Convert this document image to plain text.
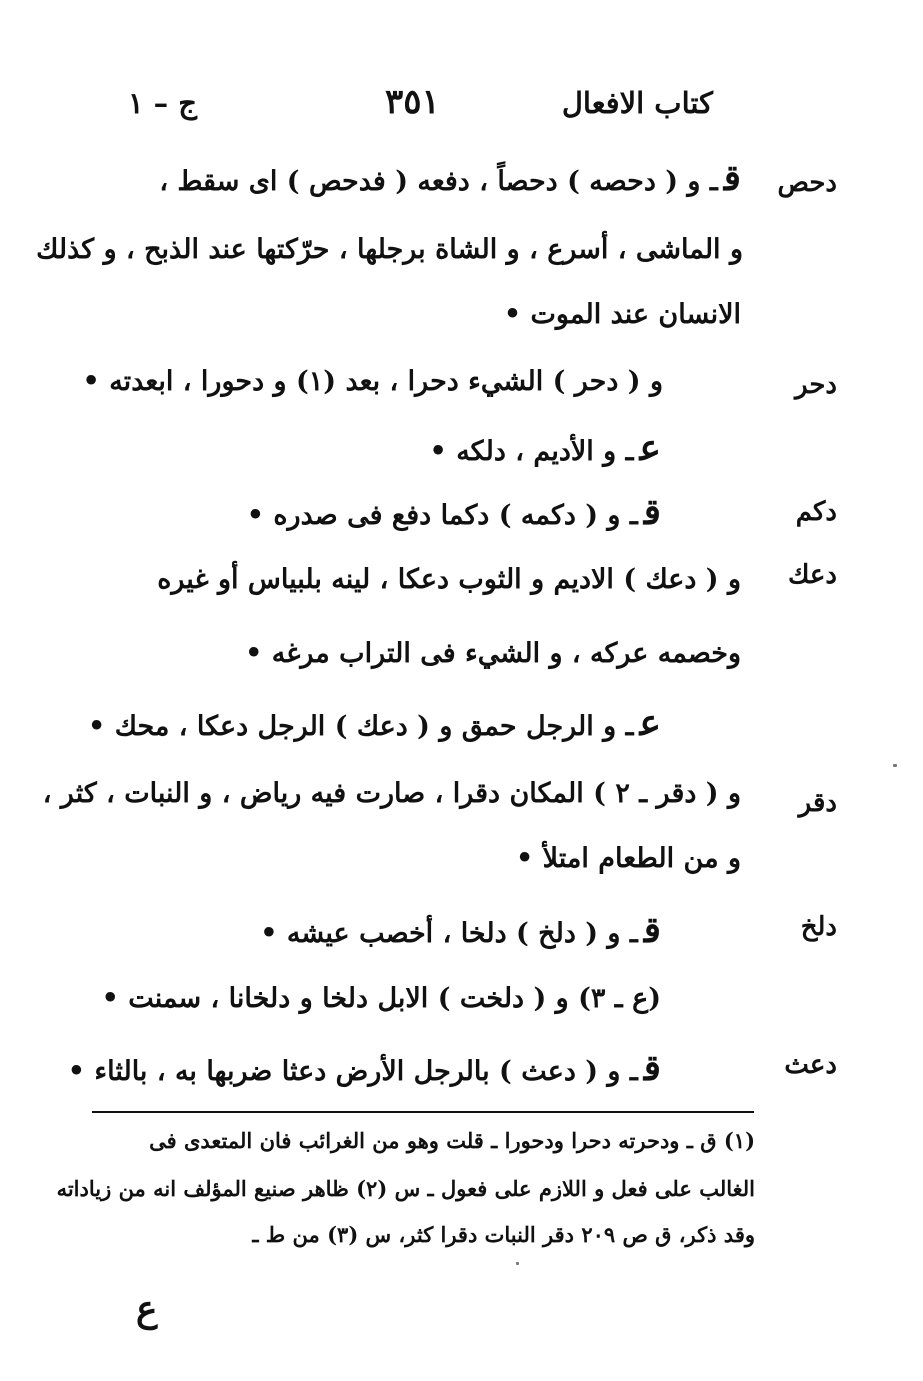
كتاب الافعال
٣٥١
ج – ١
دحص
قـ و ( دحصه ) دحصاً ، دفعه ( فدحص ) اى سقط ،
و الماشى ، أسرع ، و الشاة برجلها ، حرّكتها عند الذبح ، و كذلك
الانسان عند الموت •
دحر
و ( دحر ) الشيء دحرا ، بعد (١) و دحورا ، ابعدته •
عـ و الأديم ، دلكه •
دكم
قـ و ( دكمه ) دكما دفع فى صدره •
دعك
و ( دعك ) الاديم و الثوب دعكا ، لينه بلبياس أو غيره
وخصمه عركه ، و الشيء فى التراب مرغه •
عـ و الرجل حمق و ( دعك ) الرجل دعكا ، محك •
دقر
و ( دقر ـ ٢ ) المكان دقرا ، صارت فيه رياض ، و النبات ، كثر ،
و من الطعام امتلأ •
دلخ
قـ و ( دلخ ) دلخا ، أخصب عيشه •
(ع ـ ٣) و ( دلخت ) الابل دلخا و دلخانا ، سمنت •
دعث
قـ و ( دعث ) بالرجل الأرض دعثا ضربها به ، بالثاء •
(١) ق ـ ودحرته دحرا ودحورا ـ قلت وهو من الغرائب فان المتعدى فى
الغالب على فعل و اللازم على فعول ـ س (٢) ظاهر صنيع المؤلف انه من زياداته
وقد ذكر، ق ص ٢٠٩ دقر النبات دقرا كثر، س (٣) من ط ـ
ع
